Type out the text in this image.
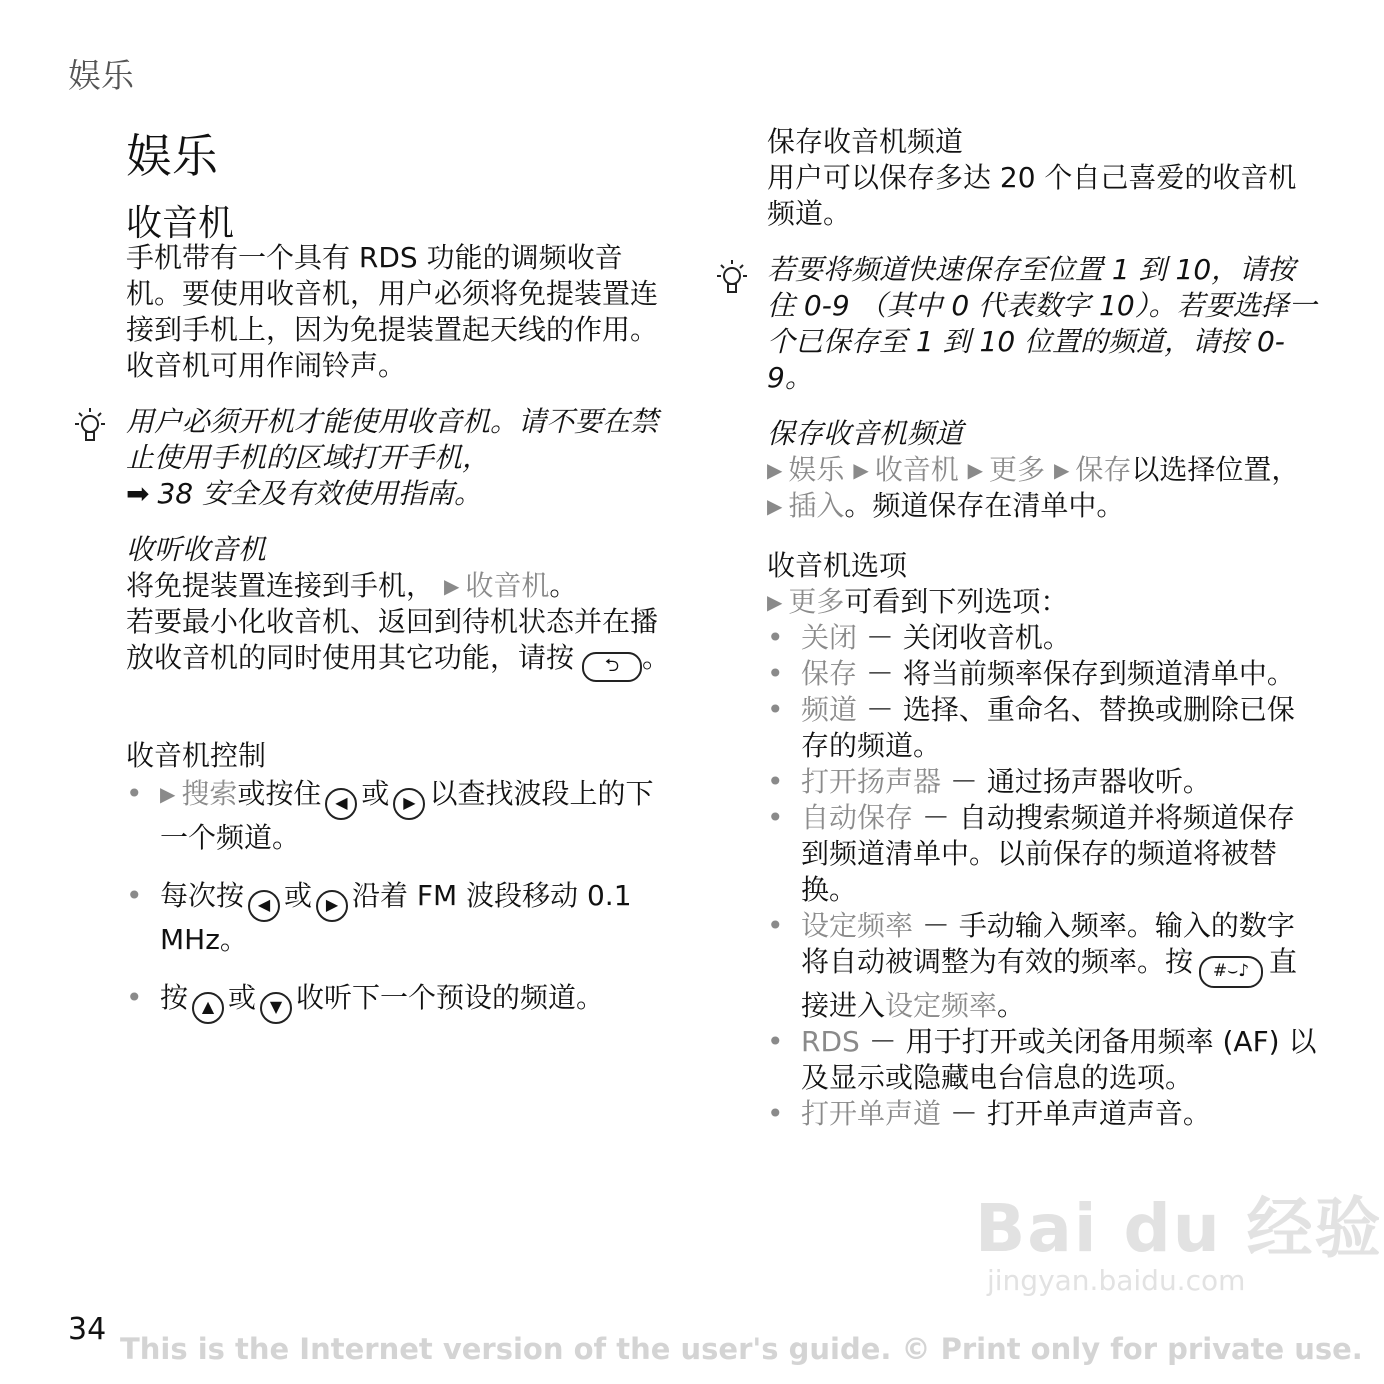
娱乐
娱乐
收音机
手机带有一个具有 RDS 功能的调频收音机。要使用收音机，用户必须将免提装置连接到手机上，因为免提装置起天线的作用。收音机可用作闹铃声。
用户必须开机才能使用收音机。请不要在禁止使用手机的区域打开手机，
➡ 38 安全及有效使用指南。
收听收音机
将免提装置连接到手机， ▶ 收音机。
若要最小化收音机、返回到待机状态并在播放收音机的同时使用其它功能，请按 ⮌ 。
收音机控制
• ▶ 搜索或按住 ◀ 或 ▶ 以查找波段上的下一个频道。
• 每次按 ◀ 或 ▶ 沿着 FM 波段移动 0.1 MHz。
• 按 ▲ 或 ▼ 收听下一个预设的频道。
保存收音机频道
用户可以保存多达 20 个自己喜爱的收音机频道。
若要将频道快速保存至位置 1 到 10，请按住 0-9 （其中 0 代表数字 10）。若要选择一个已保存至 1 到 10 位置的频道，请按 0-9。
保存收音机频道
▶ 娱乐 ▶ 收音机 ▶ 更多 ▶ 保存以选择位置， ▶ 插入。频道保存在清单中。
收音机选项
▶ 更多可看到下列选项：
• 关闭 － 关闭收音机。
• 保存 － 将当前频率保存到频道清单中。
• 频道 － 选择、重命名、替换或删除已保存的频道。
• 打开扬声器 － 通过扬声器收听。
• 自动保存 － 自动搜索频道并将频道保存到频道清单中。以前保存的频道将被替换。
• 设定频率 － 手动输入频率。输入的数字将自动被调整为有效的频率。按 #⌣♪ 直接进入设定频率。
• RDS － 用于打开或关闭备用频率 (AF) 以及显示或隐藏电台信息的选项。
• 打开单声道 － 打开单声道声音。
Bai du 经验
jingyan.baidu.com
34
This is the Internet version of the user's guide. © Print only for private use.
